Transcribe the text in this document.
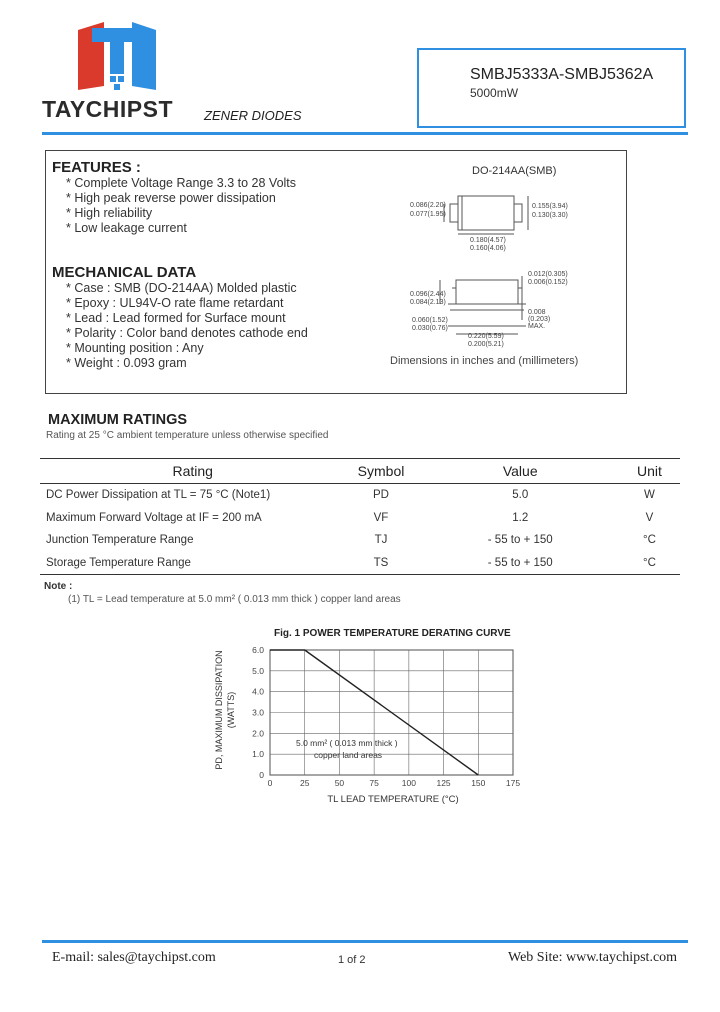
TAYCHIPST ZENER DIODES
SMBJ5333A-SMBJ5362A
5000mW
FEATURES :
* Complete Voltage Range 3.3 to 28 Volts
* High peak reverse power dissipation
* High reliability
* Low leakage current
MECHANICAL DATA
* Case : SMB (DO-214AA) Molded plastic
* Epoxy : UL94V-O rate flame retardant
* Lead : Lead formed for Surface mount
* Polarity : Color band denotes cathode end
* Mounting position : Any
* Weight : 0.093 gram
DO-214AA(SMB)
0.086(2.20)
0.077(1.95)
0.155(3.94)
0.130(3.30)
0.180(4.57)
0.160(4.06)
0.012(0.305)
0.006(0.152)
0.096(2.44)
0.084(2.13)
0.060(1.52)
0.030(0.76)
0.008
(0.203)
MAX.
0.220(5.59)
0.200(5.21)
Dimensions in inches and (millimeters)
MAXIMUM RATINGS
Rating at 25 °C ambient temperature unless otherwise specified
Rating	Symbol	Value	Unit
DC Power Dissipation at TL = 75 °C (Note1)	PD	5.0	W
Maximum Forward Voltage at IF = 200 mA	VF	1.2	V
Junction Temperature Range	TJ	- 55 to + 150	°C
Storage Temperature Range	TS	- 55 to + 150	°C
Note :
(1) TL = Lead temperature at 5.0 mm² ( 0.013 mm thick ) copper land areas
Fig. 1 POWER TEMPERATURE DERATING CURVE
0	25	50	75	100 125 150 175
0
1.0
2.0
3.0
4.0
5.0
6.0
PD, MAXIMUM DISSIPATION (WATTS)
TL LEAD TEMPERATURE (°C)
5.0 mm² ( 0.013 mm thick )
copper land areas
E-mail: sales@taychipst.com	1 of 2	Web Site: www.taychipst.com
